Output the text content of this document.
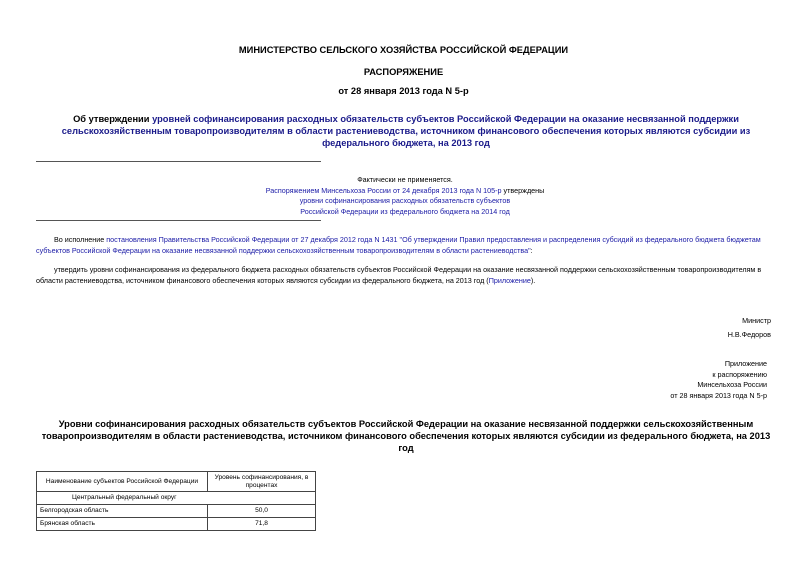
МИНИСТЕРСТВО СЕЛЬСКОГО ХОЗЯЙСТВА РОССИЙСКОЙ ФЕДЕРАЦИИ
РАСПОРЯЖЕНИЕ
от 28 января 2013 года N 5-р
Об утверждении уровней софинансирования расходных обязательств субъектов Российской Федерации на оказание несвязанной поддержки сельскохозяйственным товаропроизводителям в области растениеводства, источником финансового обеспечения которых являются субсидии из федерального бюджета, на 2013 год
Фактически не применяется.
Распоряжением Минсельхоза России от 24 декабря 2013 года N 105-р утверждены
уровни софинансирования расходных обязательств субъектов
Российской Федерации из федерального бюджета на 2014 год
Во исполнение постановления Правительства Российской Федерации от 27 декабря 2012 года N 1431 "Об утверждении Правил предоставления и распределения субсидий из федерального бюджета бюджетам субъектов Российской Федерации на оказание несвязанной поддержки сельскохозяйственным товаропроизводителям в области растениеводства":
утвердить уровни софинансирования из федерального бюджета расходных обязательств субъектов Российской Федерации на оказание несвязанной поддержки сельскохозяйственным товаропроизводителям в области растениеводства, источником финансового обеспечения которых являются субсидии из федерального бюджета, на 2013 год (Приложение).
Министр
Н.В.Федоров
Приложение
к распоряжению
Минсельхоза России
от 28 января 2013 года N 5-р
Уровни софинансирования расходных обязательств субъектов Российской Федерации на оказание несвязанной поддержки сельскохозяйственным товаропроизводителям в области растениеводства, источником финансового обеспечения которых являются субсидии из федерального бюджета, на 2013 год
Наименование субъектов Российской Федерации	Уровень софинансирования, в процентах
Центральный федеральный округ	
Белгородская область	50,0
Брянская область	71,8
